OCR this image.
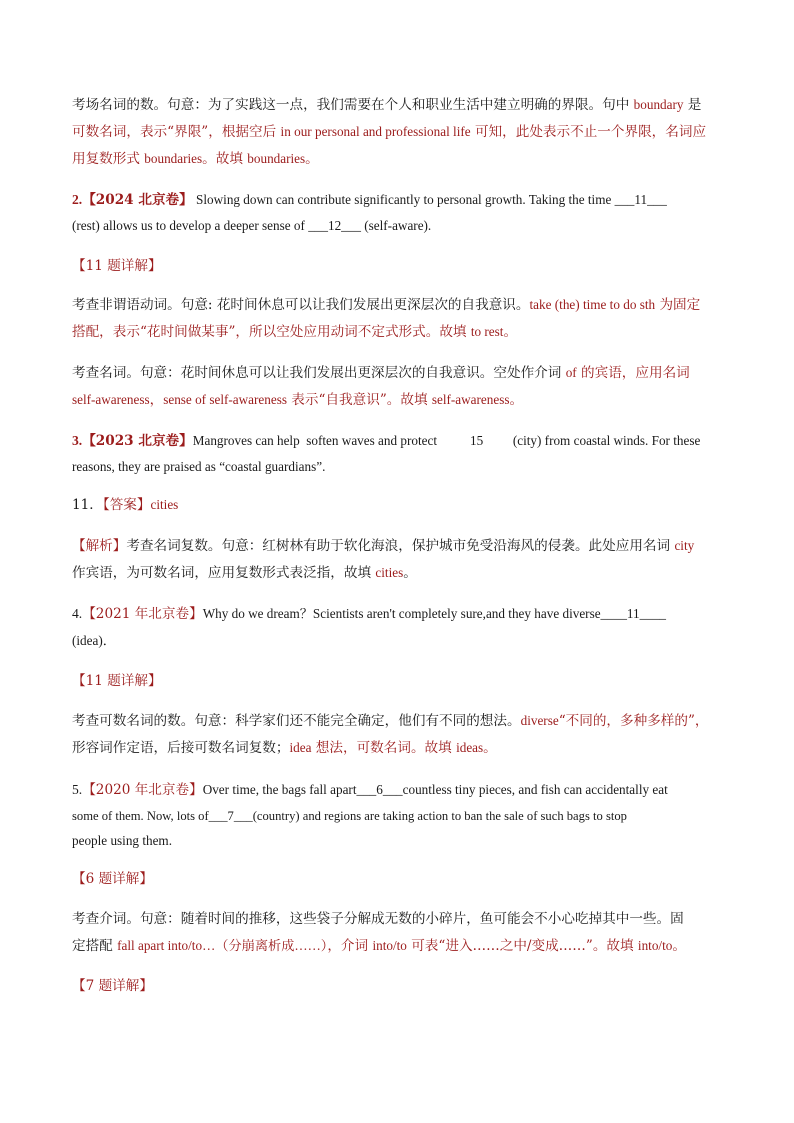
考场名词的数。句意：为了实践这一点，我们需要在个人和职业生活中建立明确的界限。句中 boundary 是
可数名词，表示“界限”，根据空后 in our personal and professional life 可知，此处表示不止一个界限，名词应
用复数形式 boundaries。故填 boundaries。
2.【2024 北京卷】 Slowing down can contribute significantly to personal growth. Taking the time ___11___
(rest) allows us to develop a deeper sense of ___12___ (self-aware).
【11 题详解】
考查非谓语动词。句意: 花时间休息可以让我们发展出更深层次的自我意识。take (the) time to do sth 为固定
搭配，表示“花时间做某事”，所以空处应用动词不定式形式。故填 to rest。
考查名词。句意：花时间休息可以让我们发展出更深层次的自我意识。空处作介词 of 的宾语，应用名词
self-awareness，sense of self-awareness 表示“自我意识”。故填 self-awareness。
3.【2023 北京卷】Mangroves can help  soften waves and protect          15         (city) from coastal winds. For these
reasons, they are praised as “coastal guardians”.
11．【答案】cities
【解析】考查名词复数。句意：红树林有助于软化海浪，保护城市免受沿海风的侵袭。此处应用名词 city
作宾语，为可数名词，应用复数形式表泛指，故填 cities。
4.【2021 年北京卷】Why do we dream？Scientists aren't completely sure,and they have diverse____11____
(idea)．
【11 题详解】
考查可数名词的数。句意：科学家们还不能完全确定，他们有不同的想法。diverse“不同的，多种多样的”，
形容词作定语，后接可数名词复数；idea 想法，可数名词。故填 ideas。
5.【2020 年北京卷】Over time, the bags fall apart___6___countless tiny pieces, and fish can accidentally eat
some of them. Now, lots of___7___(country) and regions are taking action to ban the sale of such bags to stop
people using them.
【6 题详解】
考查介词。句意：随着时间的推移，这些袋子分解成无数的小碎片，鱼可能会不小心吃掉其中一些。固
定搭配 fall apart into/to…（分崩离析成……），介词 into/to 可表“进入……之中/变成……”。故填 into/to。
【7 题详解】
